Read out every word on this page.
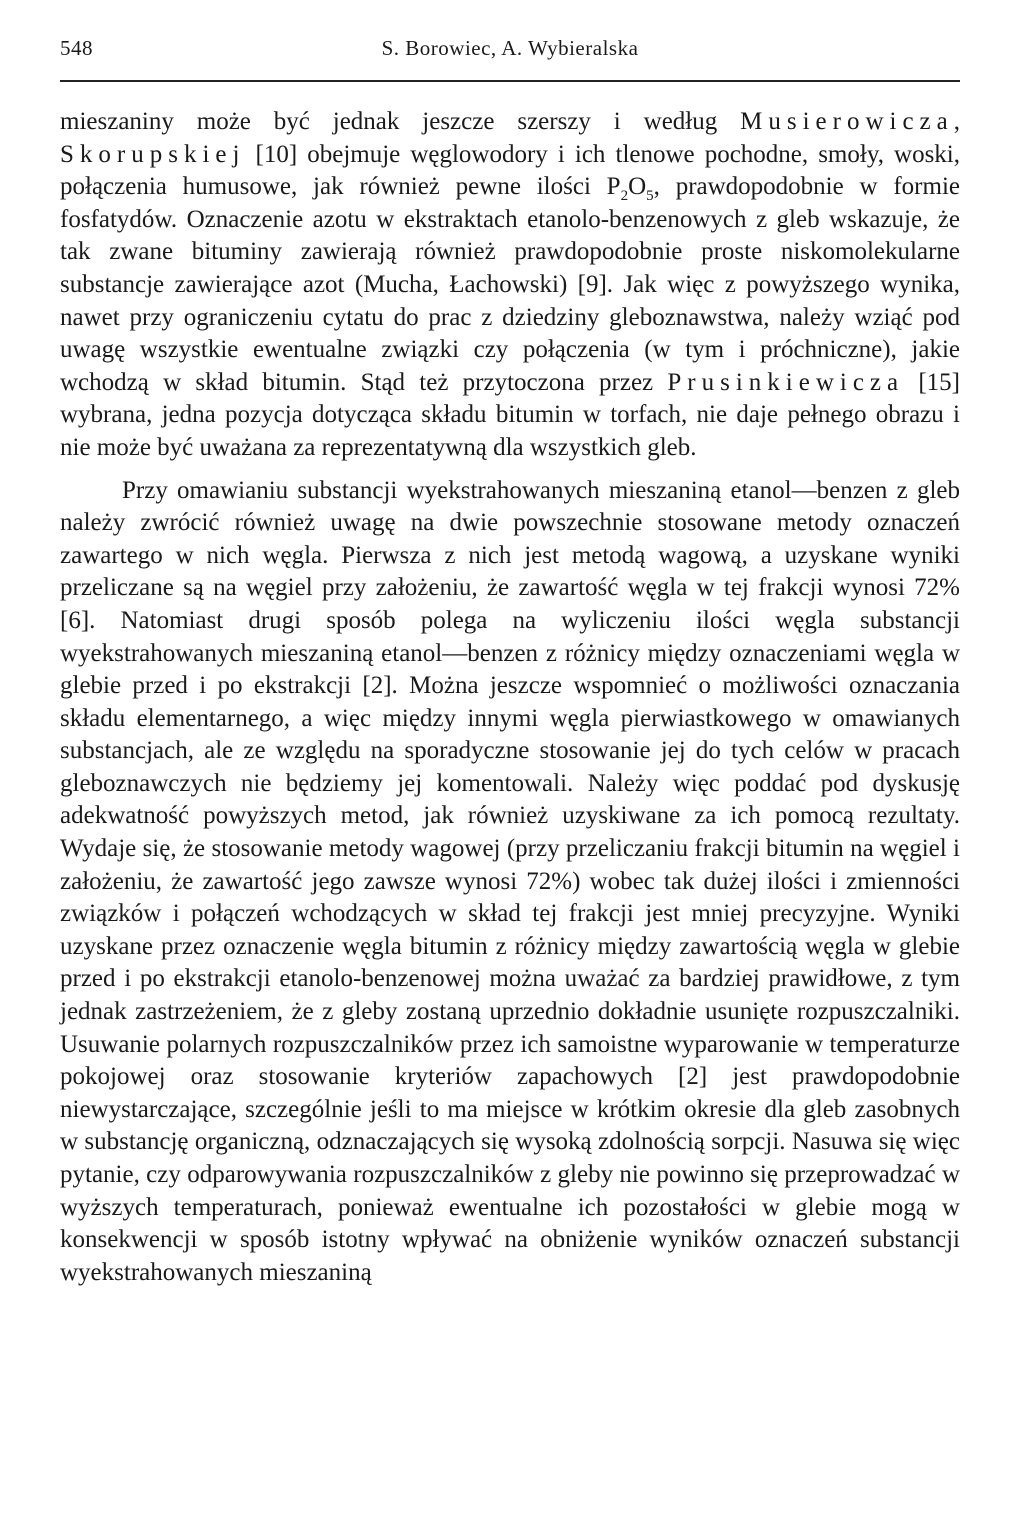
548	S. Borowiec, A. Wybieralska

mieszaniny może być jednak jeszcze szerszy i według Musierowicza, Skorupskiej [10] obejmuje węglowodory i ich tlenowe pochodne, smoły, woski, połączenia humusowe, jak również pewne ilości $P_2O_5$, prawdopodobnie w formie fosfatydów. Oznaczenie azotu w ekstraktach etanolo-benzenowych z gleb wskazuje, że tak zwane bituminy zawierają również prawdopodobnie proste niskomolekularne substancje zawierające azot (Mucha, Łachowski) [9]. Jak więc z powyższego wynika, nawet przy ograniczeniu cytatu do prac z dziedziny gleboznawstwa, należy wziąć pod uwagę wszystkie ewentualne związki czy połączenia (w tym i próchniczne), jakie wchodzą w skład bitumin. Stąd też przytoczona przez Prusinkiewicza [15] wybrana, jedna pozycja dotycząca składu bitumin w torfach, nie daje pełnego obrazu i nie może być uważana za reprezentatywną dla wszystkich gleb.

Przy omawianiu substancji wyekstrahowanych mieszaniną etanol—benzen z gleb należy zwrócić również uwagę na dwie powszechnie stosowane metody oznaczeń zawartego w nich węgla. Pierwsza z nich jest metodą wagową, a uzyskane wyniki przeliczane są na węgiel przy założeniu, że zawartość węgla w tej frakcji wynosi 72% [6]. Natomiast drugi sposób polega na wyliczeniu ilości węgla substancji wyekstrahowanych mieszaniną etanol—benzen z różnicy między oznaczeniami węgla w glebie przed i po ekstrakcji [2]. Można jeszcze wspomnieć o możliwości oznaczania składu elementarnego, a więc między innymi węgla pierwiastkowego w omawianych substancjach, ale ze względu na sporadyczne stosowanie jej do tych celów w pracach gleboznawczych nie będziemy jej komentowali. Należy więc poddać pod dyskusję adekwatność powyższych metod, jak również uzyskiwane za ich pomocą rezultaty. Wydaje się, że stosowanie metody wagowej (przy przeliczaniu frakcji bitumin na węgiel i założeniu, że zawartość jego zawsze wynosi 72%) wobec tak dużej ilości i zmienności związków i połączeń wchodzących w skład tej frakcji jest mniej precyzyjne. Wyniki uzyskane przez oznaczenie węgla bitumin z różnicy między zawartością węgla w glebie przed i po ekstrakcji etanolo-benzenowej można uważać za bardziej prawidłowe, z tym jednak zastrzeżeniem, że z gleby zostaną uprzednio dokładnie usunięte rozpuszczalniki. Usuwanie polarnych rozpuszczalników przez ich samoistne wyparowanie w temperaturze pokojowej oraz stosowanie kryteriów zapachowych [2] jest prawdopodobnie niewystarczające, szczególnie jeśli to ma miejsce w krótkim okresie dla gleb zasobnych w substancję organiczną, odznaczających się wysoką zdolnością sorpcji. Nasuwa się więc pytanie, czy odparowywania rozpuszczalników z gleby nie powinno się przeprowadzać w wyższych temperaturach, ponieważ ewentualne ich pozostałości w glebie mogą w konsekwencji w sposób istotny wpływać na obniżenie wyników oznaczeń substancji wyekstrahowanych mieszaniną
